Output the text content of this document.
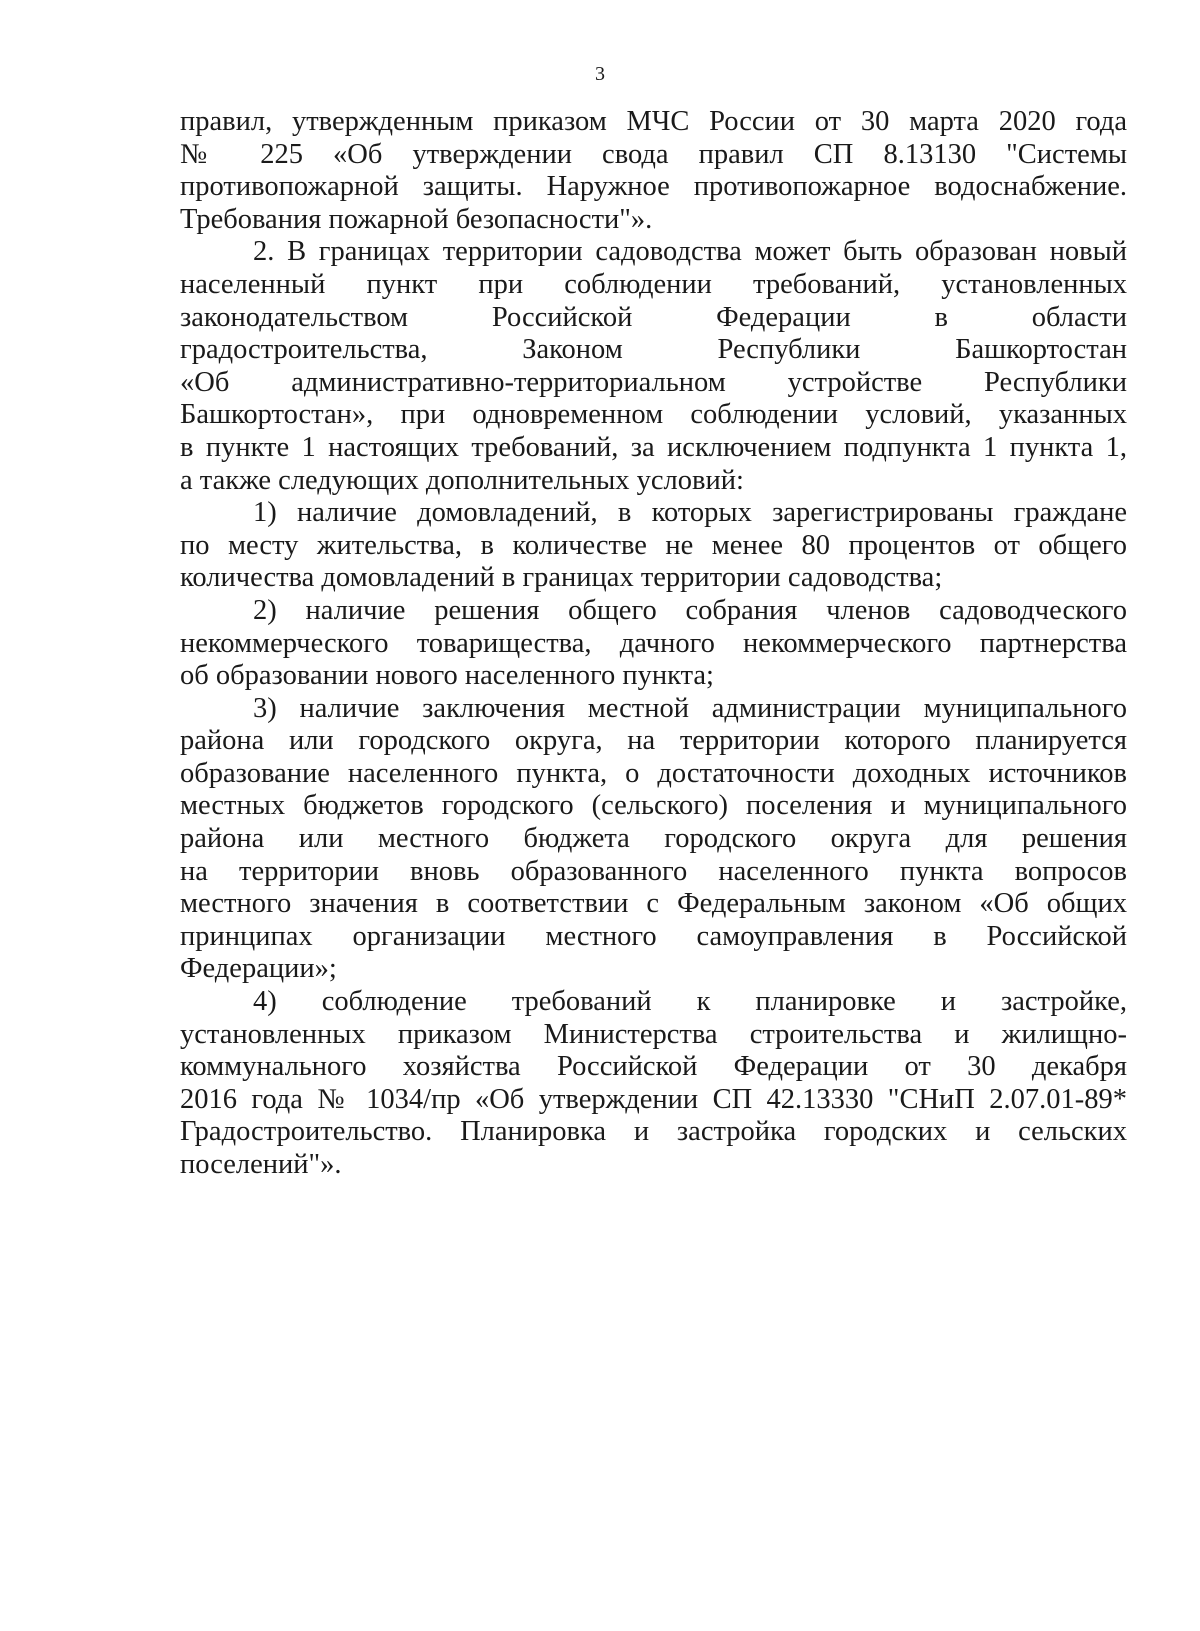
3
правил, утвержденным приказом МЧС России от 30 марта 2020 года
№ 225 «Об утверждении свода правил СП 8.13130 "Системы
противопожарной защиты. Наружное противопожарное водоснабжение.
Требования пожарной безопасности"».
2. В границах территории садоводства может быть образован новый
населенный пункт при соблюдении требований, установленных
законодательством Российской Федерации в области
градостроительства, Законом Республики Башкортостан
«Об административно-территориальном устройстве Республики
Башкортостан», при одновременном соблюдении условий, указанных
в пункте 1 настоящих требований, за исключением подпункта 1 пункта 1,
а также следующих дополнительных условий:
1) наличие домовладений, в которых зарегистрированы граждане
по месту жительства, в количестве не менее 80 процентов от общего
количества домовладений в границах территории садоводства;
2) наличие решения общего собрания членов садоводческого
некоммерческого товарищества, дачного некоммерческого партнерства
об образовании нового населенного пункта;
3) наличие заключения местной администрации муниципального
района или городского округа, на территории которого планируется
образование населенного пункта, о достаточности доходных источников
местных бюджетов городского (сельского) поселения и муниципального
района или местного бюджета городского округа для решения
на территории вновь образованного населенного пункта вопросов
местного значения в соответствии с Федеральным законом «Об общих
принципах организации местного самоуправления в Российской
Федерации»;
4) соблюдение требований к планировке и застройке,
установленных приказом Министерства строительства и жилищно-
коммунального хозяйства Российской Федерации от 30 декабря
2016 года № 1034/пр «Об утверждении СП 42.13330 "СНиП 2.07.01-89*
Градостроительство. Планировка и застройка городских и сельских
поселений"».
